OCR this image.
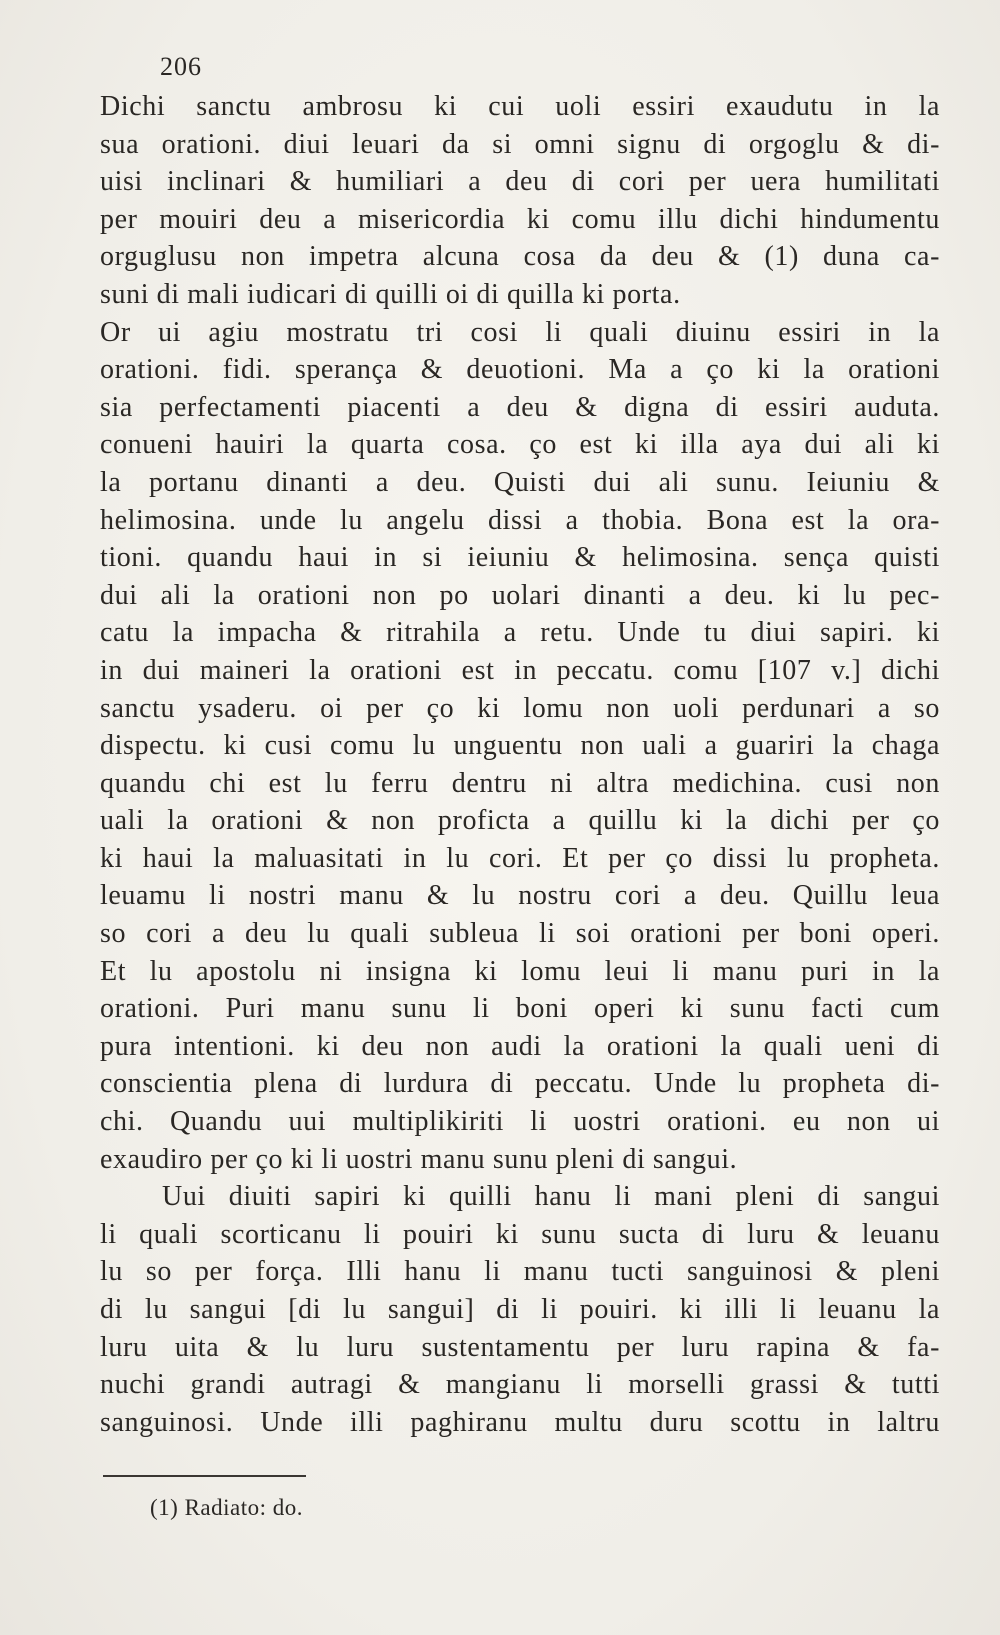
206
Dichi sanctu ambrosu ki cui uoli essiri exaudutu in la
sua orationi. diui leuari da si omni signu di orgoglu & di-
uisi inclinari & humiliari a deu di cori per uera humilitati
per mouiri deu a misericordia ki comu illu dichi hindumentu
orguglusu non impetra alcuna cosa da deu & (1) duna ca-
suni di mali iudicari di quilli oi di quilla ki porta.
Or ui agiu mostratu tri cosi li quali diuinu essiri in la
orationi. fidi. sperança & deuotioni. Ma a ço ki la orationi
sia perfectamenti piacenti a deu & digna di essiri auduta.
conueni hauiri la quarta cosa. ço est ki illa aya dui ali ki
la portanu dinanti a deu. Quisti dui ali sunu. Ieiuniu &
helimosina. unde lu angelu dissi a thobia. Bona est la ora-
tioni. quandu haui in si ieiuniu & helimosina. sença quisti
dui ali la orationi non po uolari dinanti a deu. ki lu pec-
catu la impacha & ritrahila a retu. Unde tu diui sapiri. ki
in dui maineri la orationi est in peccatu. comu [107 v.] dichi
sanctu ysaderu. oi per ço ki lomu non uoli perdunari a so
dispectu. ki cusi comu lu unguentu non uali a guariri la chaga
quandu chi est lu ferru dentru ni altra medichina. cusi non
uali la orationi & non proficta a quillu ki la dichi per ço
ki haui la maluasitati in lu cori. Et per ço dissi lu propheta.
leuamu li nostri manu & lu nostru cori a deu. Quillu leua
so cori a deu lu quali subleua li soi orationi per boni operi.
Et lu apostolu ni insigna ki lomu leui li manu puri in la
orationi. Puri manu sunu li boni operi ki sunu facti cum
pura intentioni. ki deu non audi la orationi la quali ueni di
conscientia plena di lurdura di peccatu. Unde lu propheta di-
chi. Quandu uui multiplikiriti li uostri orationi. eu non ui
exaudiro per ço ki li uostri manu sunu pleni di sangui.
Uui diuiti sapiri ki quilli hanu li mani pleni di sangui
li quali scorticanu li pouiri ki sunu sucta di luru & leuanu
lu so per força. Illi hanu li manu tucti sanguinosi & pleni
di lu sangui [di lu sangui] di li pouiri. ki illi li leuanu la
luru uita & lu luru sustentamentu per luru rapina & fa-
nuchi grandi autragi & mangianu li morselli grassi & tutti
sanguinosi. Unde illi paghiranu multu duru scottu in laltru
(1) Radiato: do.
